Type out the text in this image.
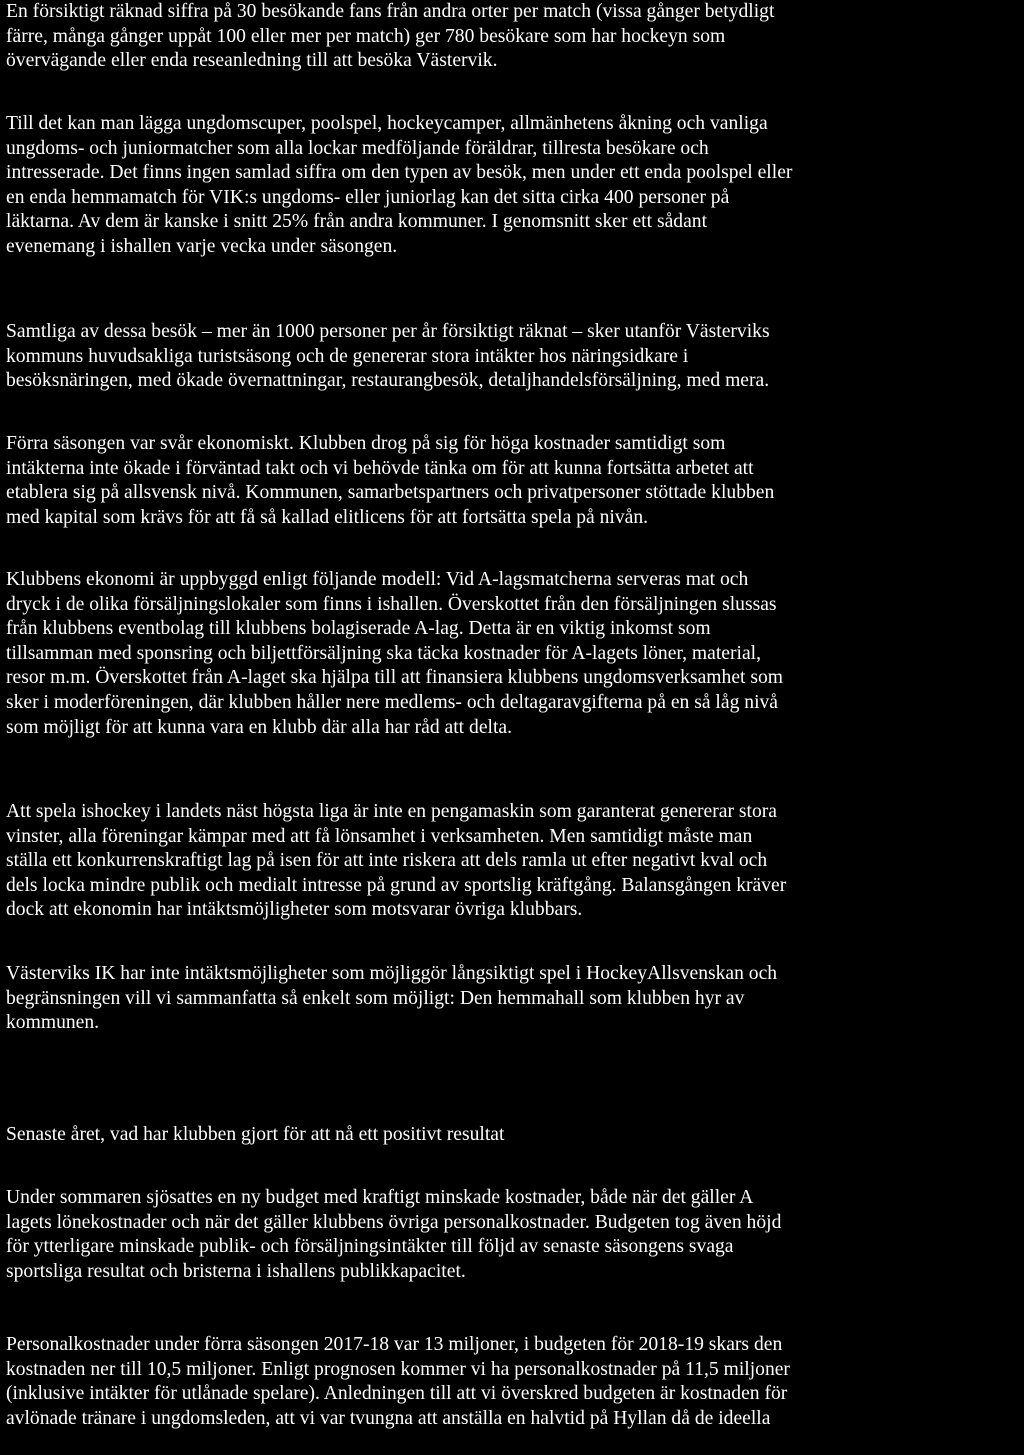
En försiktigt räknad siffra på 30 besökande fans från andra orter per match (vissa gånger betydligt
färre, många gånger uppåt 100 eller mer per match) ger 780 besökare som har hockeyn som
övervägande eller enda reseanledning till att besöka Västervik.
Till det kan man lägga ungdomscuper, poolspel, hockeycamper, allmänhetens åkning och vanliga
ungdoms- och juniormatcher som alla lockar medföljande föräldrar, tillresta besökare och
intresserade. Det finns ingen samlad siffra om den typen av besök, men under ett enda poolspel eller
en enda hemmamatch för VIK:s ungdoms- eller juniorlag kan det sitta cirka 400 personer på
läktarna. Av dem är kanske i snitt 25% från andra kommuner. I genomsnitt sker ett sådant
evenemang i ishallen varje vecka under säsongen.
Samtliga av dessa besök – mer än 1000 personer per år försiktigt räknat – sker utanför Västerviks
kommuns huvudsakliga turistsäsong och de genererar stora intäkter hos näringsidkare i
besöksnäringen, med ökade övernattningar, restaurangbesök, detaljhandelsförsäljning, med mera.
Förra säsongen var svår ekonomiskt. Klubben drog på sig för höga kostnader samtidigt som
intäkterna inte ökade i förväntad takt och vi behövde tänka om för att kunna fortsätta arbetet att
etablera sig på allsvensk nivå. Kommunen, samarbetspartners och privatpersoner stöttade klubben
med kapital som krävs för att få så kallad elitlicens för att fortsätta spela på nivån.
Klubbens ekonomi är uppbyggd enligt följande modell: Vid A-lagsmatcherna serveras mat och
dryck i de olika försäljningslokaler som finns i ishallen. Överskottet från den försäljningen slussas
från klubbens eventbolag till klubbens bolagiserade A-lag. Detta är en viktig inkomst som
tillsamman med sponsring och biljettförsäljning ska täcka kostnader för A-lagets löner, material,
resor m.m. Överskottet från A-laget ska hjälpa till att finansiera klubbens ungdomsverksamhet som
sker i moderföreningen, där klubben håller nere medlems- och deltagaravgifterna på en så låg nivå
som möjligt för att kunna vara en klubb där alla har råd att delta.
Att spela ishockey i landets näst högsta liga är inte en pengamaskin som garanterat genererar stora
vinster, alla föreningar kämpar med att få lönsamhet i verksamheten. Men samtidigt måste man
ställa ett konkurrenskraftigt lag på isen för att inte riskera att dels ramla ut efter negativt kval och
dels locka mindre publik och medialt intresse på grund av sportslig kräftgång. Balansgången kräver
dock att ekonomin har intäktsmöjligheter som motsvarar övriga klubbars.
Västerviks IK har inte intäktsmöjligheter som möjliggör långsiktigt spel i HockeyAllsvenskan och
begränsningen vill vi sammanfatta så enkelt som möjligt: Den hemmahall som klubben hyr av
kommunen.
Senaste året, vad har klubben gjort för att nå ett positivt resultat
Under sommaren sjösattes en ny budget med kraftigt minskade kostnader, både när det gäller A
lagets lönekostnader och när det gäller klubbens övriga personalkostnader. Budgeten tog även höjd
för ytterligare minskade publik- och försäljningsintäkter till följd av senaste säsongens svaga
sportsliga resultat och bristerna i ishallens publikkapacitet.
Personalkostnader under förra säsongen 2017-18 var 13 miljoner, i budgeten för 2018-19 skars den
kostnaden ner till 10,5 miljoner. Enligt prognosen kommer vi ha personalkostnader på 11,5 miljoner
(inklusive intäkter för utlånade spelare). Anledningen till att vi överskred budgeten är kostnaden för
avlönade tränare i ungdomsleden, att vi var tvungna att anställa en halvtid på Hyllan då de ideella
